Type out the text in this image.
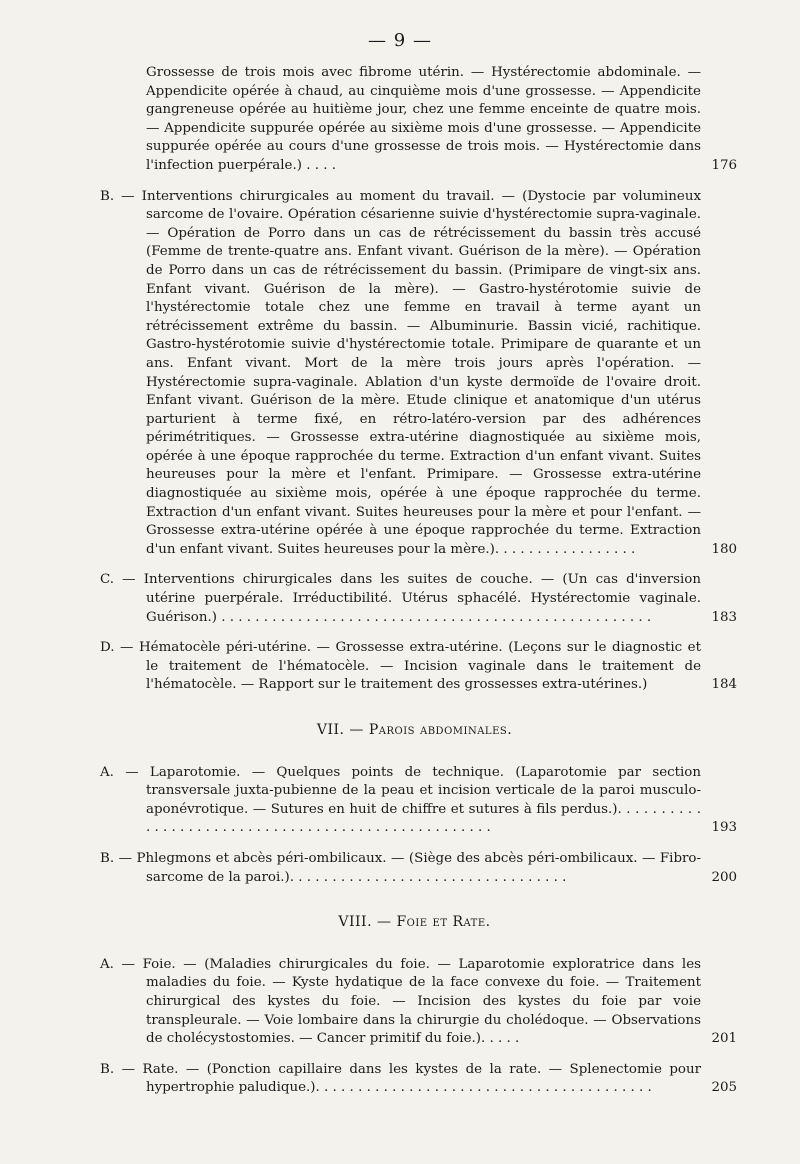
— 9 —
Grossesse de trois mois avec fibrome utérin. — Hystérectomie abdominale. — Appendicite opérée à chaud, au cinquième mois d'une grossesse. — Appendicite gangreneuse opérée au huitième jour, chez une femme enceinte de quatre mois. — Appendicite suppurée opérée au sixième mois d'une grossesse. — Appendicite suppurée opérée au cours d'une grossesse de trois mois. — Hystérectomie dans l'infection puerpérale.) . . . .	176
B. — Interventions chirurgicales au moment du travail. — (Dystocie par volumineux sarcome de l'ovaire. Opération césarienne suivie d'hystérectomie supra-vaginale. — Opération de Porro dans un cas de rétrécissement du bassin très accusé (Femme de trente-quatre ans. Enfant vivant. Guérison de la mère). — Opération de Porro dans un cas de rétrécissement du bassin. (Primipare de vingt-six ans. Enfant vivant. Guérison de la mère). — Gastro-hystérotomie suivie de l'hystérectomie totale chez une femme en travail à terme ayant un rétrécissement extrême du bassin. — Albuminurie. Bassin vicié, rachitique. Gastro-hystérotomie suivie d'hystérectomie totale. Primipare de quarante et un ans. Enfant vivant. Mort de la mère trois jours après l'opération. — Hystérectomie supra-vaginale. Ablation d'un kyste dermoïde de l'ovaire droit. Enfant vivant. Guérison de la mère. Etude clinique et anatomique d'un utérus parturient à terme fixé, en rétro-latéro-version par des adhérences périmétritiques. — Grossesse extra-utérine diagnostiquée au sixième mois, opérée à une époque rapprochée du terme. Extraction d'un enfant vivant. Suites heureuses pour la mère et l'enfant. Primipare. — Grossesse extra-utérine diagnostiquée au sixième mois, opérée à une époque rapprochée du terme. Extraction d'un enfant vivant. Suites heureuses pour la mère et pour l'enfant. — Grossesse extra-utérine opérée à une époque rapprochée du terme. Extraction d'un enfant vivant. Suites heureuses pour la mère.). . . . . . . . . . . . . . . . .	180
C. — Interventions chirurgicales dans les suites de couche. — (Un cas d'inversion utérine puerpérale. Irréductibilité. Utérus sphacélé. Hystérectomie vaginale. Guérison.) . . . . . . . . . . . . . . . . . . . . . . . . . . . . . . . . . . . . . . . . . . . . . . . . . . .	183
D. — Hématocèle péri-utérine. — Grossesse extra-utérine. (Leçons sur le diagnostic et le traitement de l'hématocèle. — Incision vaginale dans le traitement de l'hématocèle. — Rapport sur le traitement des grossesses extra-utérines.)	184
VII. — Parois abdominales.
A. — Laparotomie. — Quelques points de technique. (Laparotomie par section transversale juxta-pubienne de la peau et incision verticale de la paroi musculo-aponévrotique. — Sutures en huit de chiffre et sutures à fils perdus.). . . . . . . . . . . . . . . . . . . . . . . . . . . . . . . . . . . . . . . . . . . . . . . . . . .	193
B. — Phlegmons et abcès péri-ombilicaux. — (Siège des abcès péri-ombilicaux. — Fibro-sarcome de la paroi.). . . . . . . . . . . . . . . . . . . . . . . . . . . . . . . . .	200
VIII. — Foie et Rate.
A. — Foie. — (Maladies chirurgicales du foie. — Laparotomie exploratrice dans les maladies du foie. — Kyste hydatique de la face convexe du foie. — Traitement chirurgical des kystes du foie. — Incision des kystes du foie par voie transpleurale. — Voie lombaire dans la chirurgie du cholédoque. — Observations de cholécystostomies. — Cancer primitif du foie.). . . . .	201
B. — Rate. — (Ponction capillaire dans les kystes de la rate. — Splenectomie pour hypertrophie paludique.). . . . . . . . . . . . . . . . . . . . . . . . . . . . . . . . . . . . . . . .	205
